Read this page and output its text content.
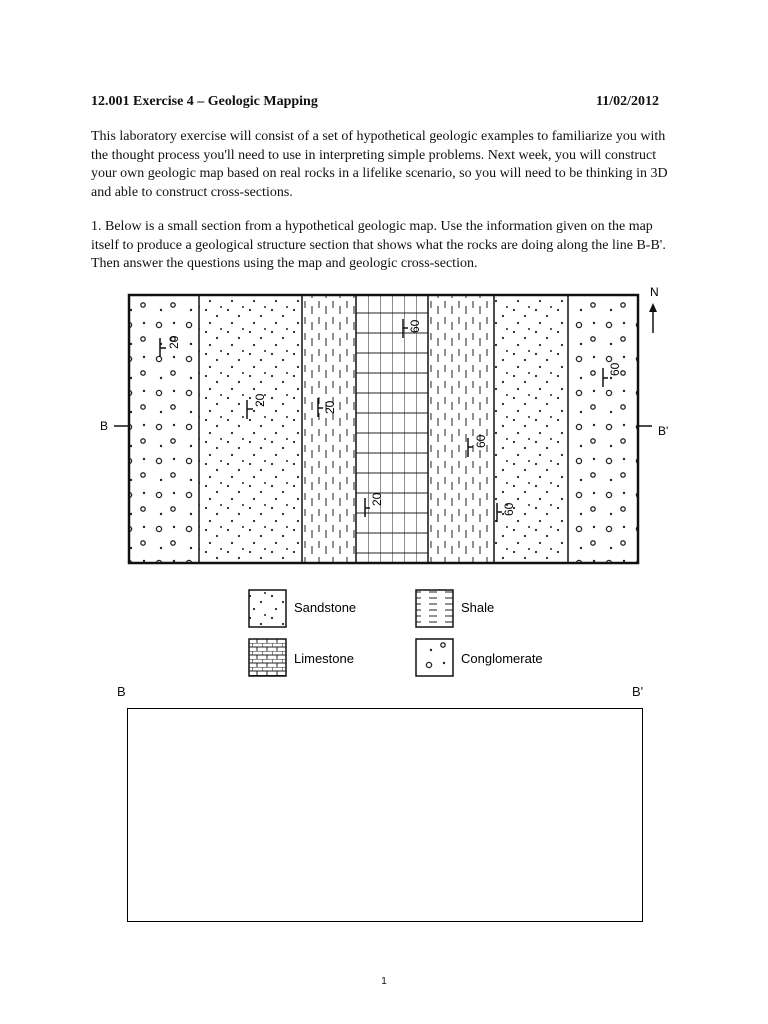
12.001 Exercise 4 – Geologic Mapping	11/02/2012

This laboratory exercise will consist of a set of hypothetical geologic examples to familiarize you with the thought process you'll need to use in interpreting simple problems. Next week, you will construct your own geologic map based on real rocks in a lifelike scenario, so you will need to be thinking in 3D and able to construct cross-sections.

1. Below is a small section from a hypothetical geologic map. Use the information given on the map itself to produce a geological structure section that shows what the rocks are doing along the line B-B'. Then answer the questions using the map and geologic cross-section.

B	B'
N
20
20
20
60
60
20
60
60
Sandstone	Shale
Limestone	Conglomerate
B	B'
1
